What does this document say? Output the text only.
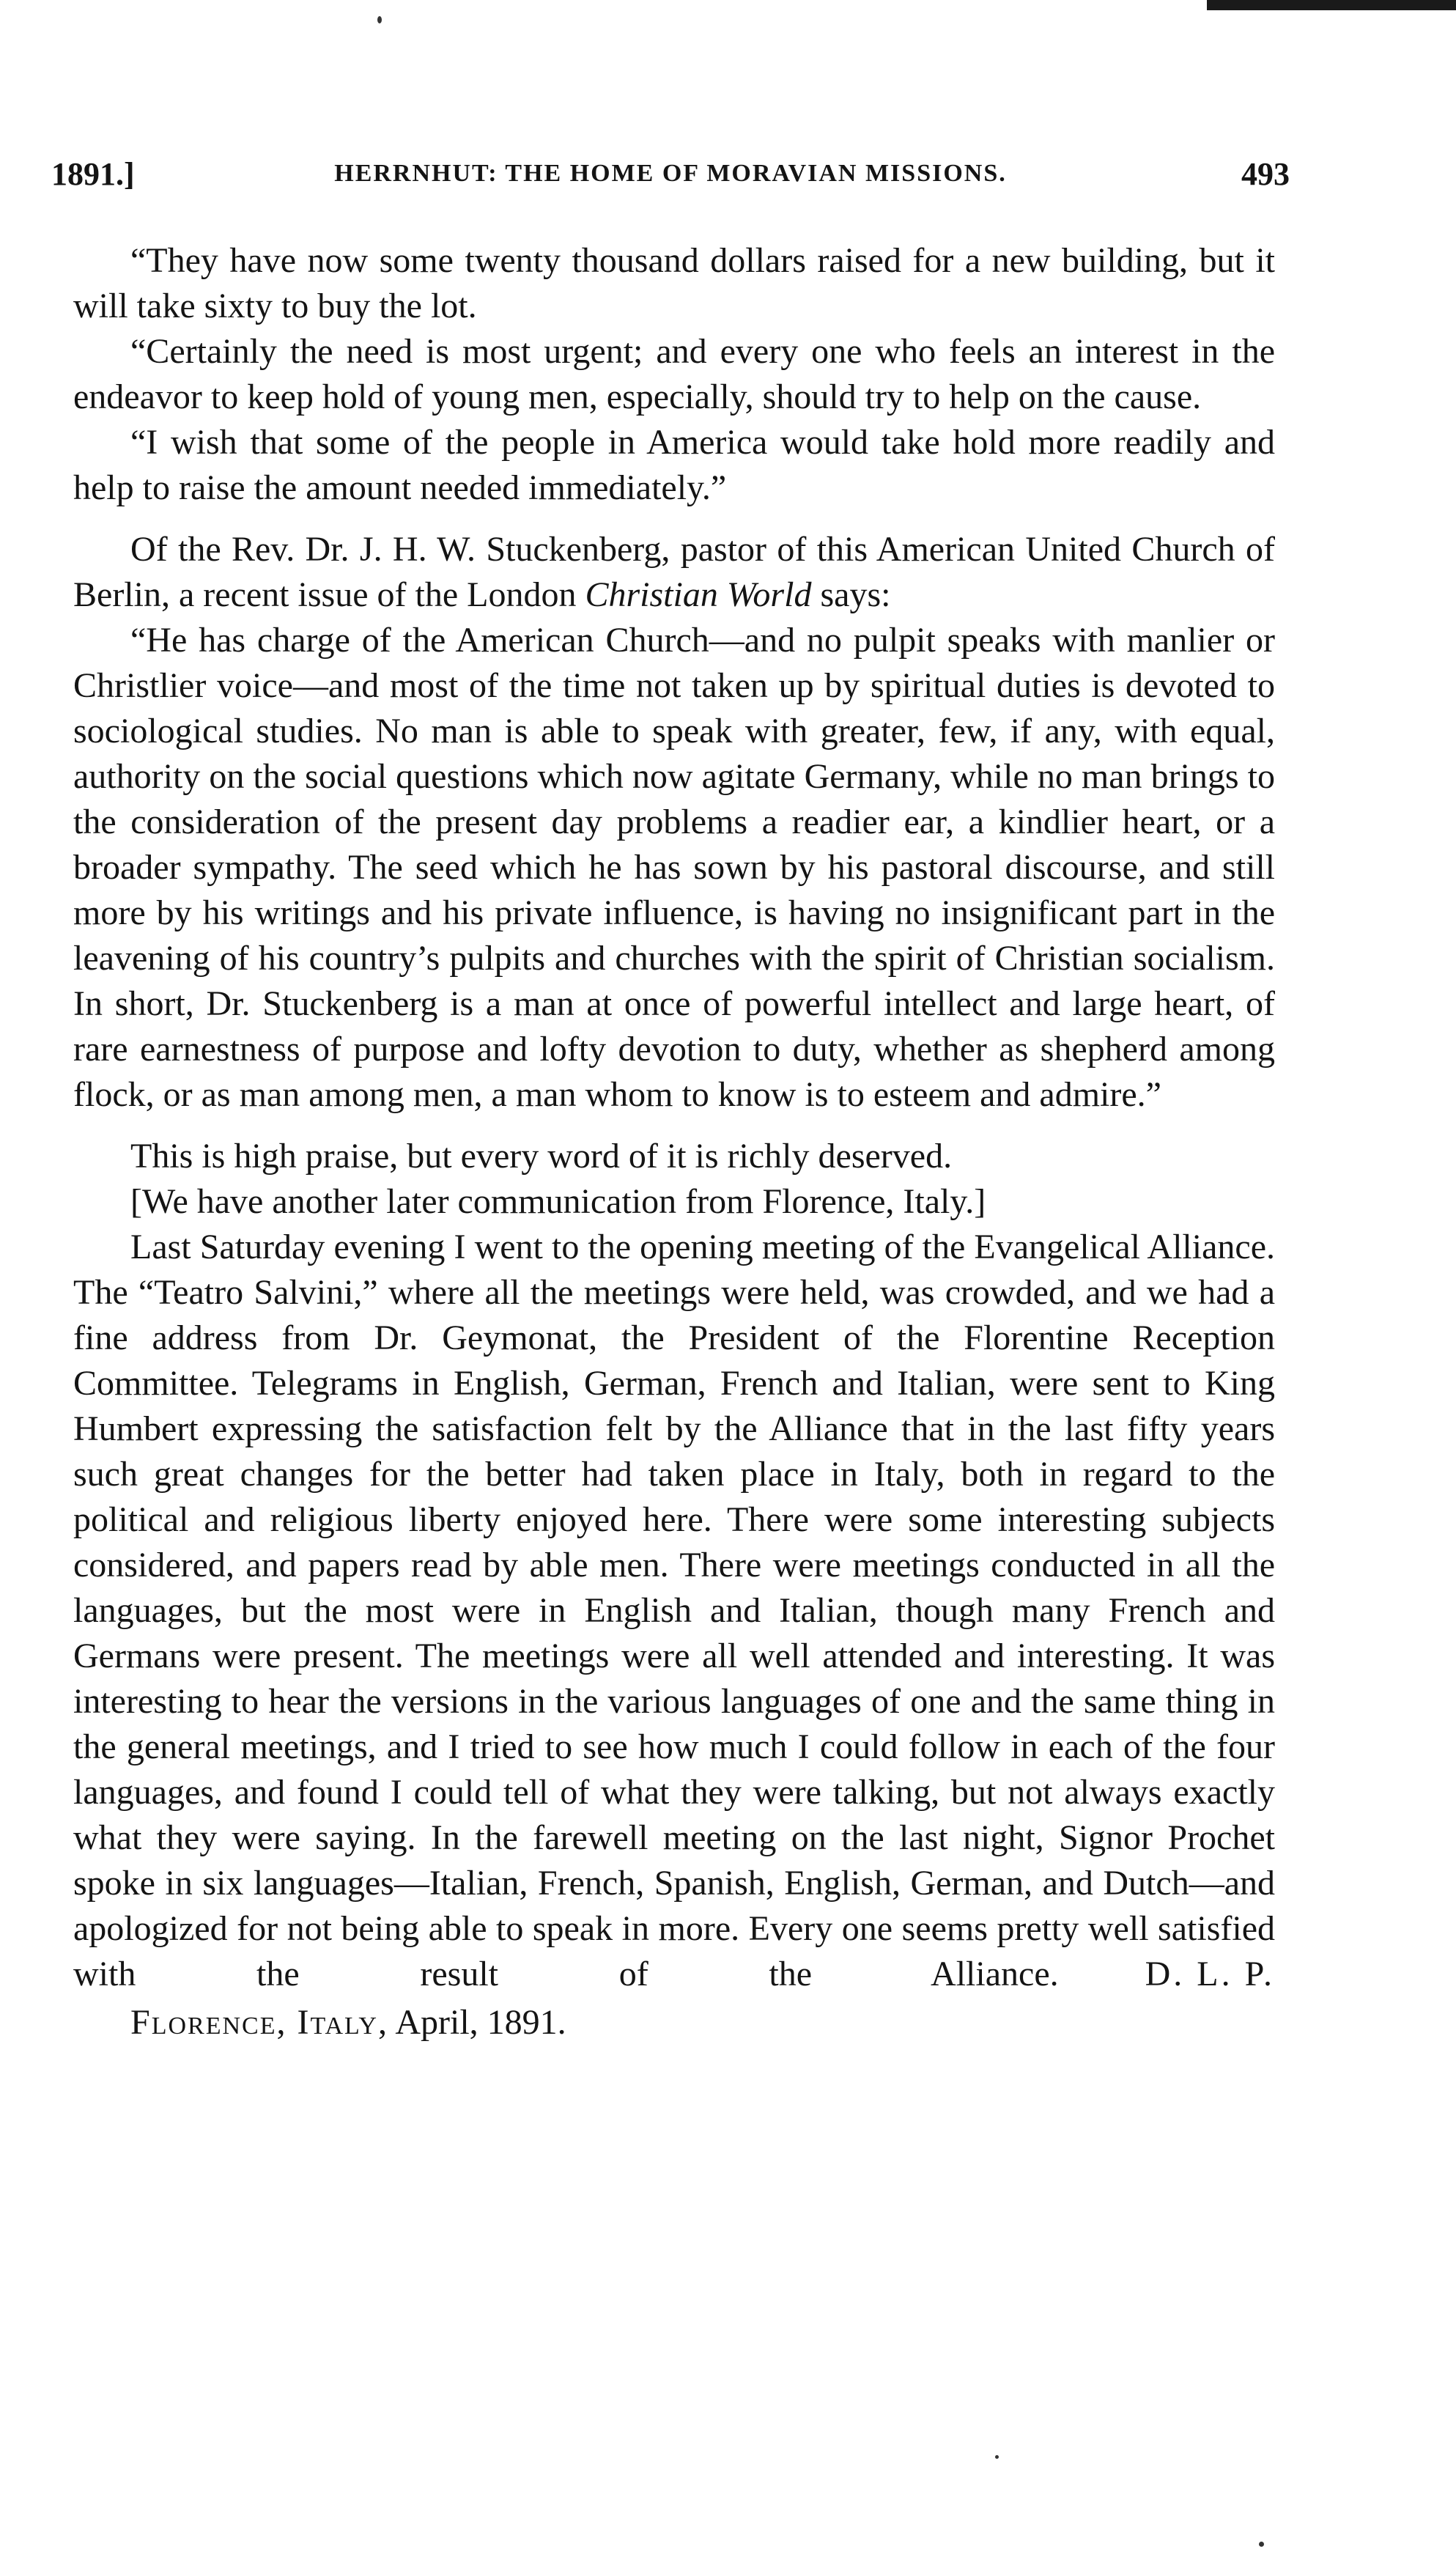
1891.]	HERRNHUT: THE HOME OF MORAVIAN MISSIONS.	493

“They have now some twenty thousand dollars raised for a new building, but it will take sixty to buy the lot.

“Certainly the need is most urgent; and every one who feels an interest in the endeavor to keep hold of young men, especially, should try to help on the cause.

“I wish that some of the people in America would take hold more readily and help to raise the amount needed immediately.”

Of the Rev. Dr. J. H. W. Stuckenberg, pastor of this American United Church of Berlin, a recent issue of the London Christian World says:

“He has charge of the American Church—and no pulpit speaks with manlier or Christlier voice—and most of the time not taken up by spiritual duties is devoted to sociological studies. No man is able to speak with greater, few, if any, with equal, authority on the social questions which now agitate Germany, while no man brings to the consideration of the present day problems a readier ear, a kindlier heart, or a broader sympathy. The seed which he has sown by his pastoral discourse, and still more by his writings and his private influence, is having no insignificant part in the leavening of his country’s pulpits and churches with the spirit of Christian socialism. In short, Dr. Stuckenberg is a man at once of powerful intellect and large heart, of rare earnestness of purpose and lofty devotion to duty, whether as shepherd among flock, or as man among men, a man whom to know is to esteem and admire.”

This is high praise, but every word of it is richly deserved.

[We have another later communication from Florence, Italy.]

Last Saturday evening I went to the opening meeting of the Evangelical Alliance. The “Teatro Salvini,” where all the meetings were held, was crowded, and we had a fine address from Dr. Geymonat, the President of the Florentine Reception Committee. Telegrams in English, German, French and Italian, were sent to King Humbert expressing the satisfaction felt by the Alliance that in the last fifty years such great changes for the better had taken place in Italy, both in regard to the political and religious liberty enjoyed here. There were some interesting subjects considered, and papers read by able men. There were meetings conducted in all the languages, but the most were in English and Italian, though many French and Germans were present. The meetings were all well attended and interesting. It was interesting to hear the versions in the various languages of one and the same thing in the general meetings, and I tried to see how much I could follow in each of the four languages, and found I could tell of what they were talking, but not always exactly what they were saying. In the farewell meeting on the last night, Signor Prochet spoke in six languages—Italian, French, Spanish, English, German, and Dutch—and apologized for not being able to speak in more. Every one seems pretty well satisfied with the result of the Alliance. D. L. P.

Florence, Italy, April, 1891.
